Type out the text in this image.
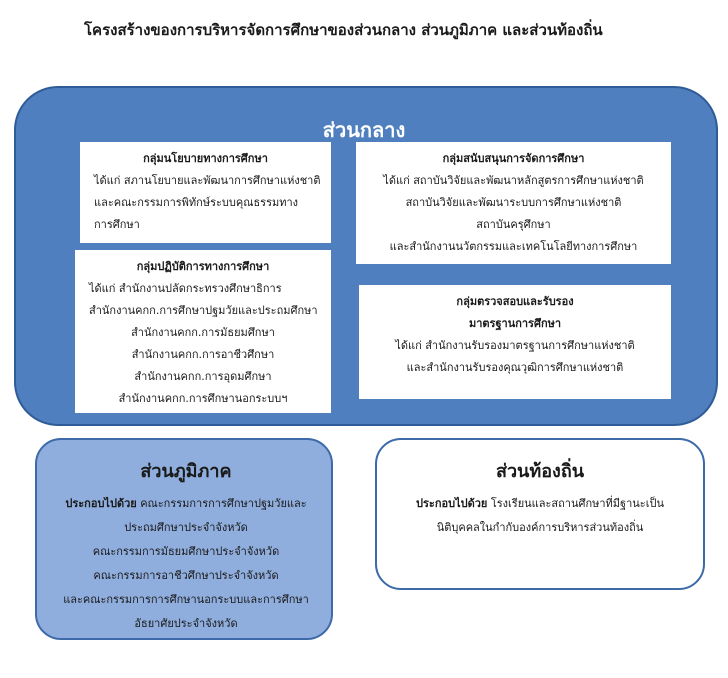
โครงสร้างของการบริหารจัดการศึกษาของส่วนกลาง ส่วนภูมิภาค และส่วนท้องถิ่น
ส่วนกลาง
กลุ่มนโยบายทางการศึกษา
ได้แก่ สภานโยบายและพัฒนาการศึกษาแห่งชาติ
และคณะกรรมการพิทักษ์ระบบคุณธรรมทาง
การศึกษา
กลุ่มสนับสนุนการจัดการศึกษา
ได้แก่ สถาบันวิจัยและพัฒนาหลักสูตรการศึกษาแห่งชาติ
สถาบันวิจัยและพัฒนาระบบการศึกษาแห่งชาติ
สถาบันครุศึกษา
และสำนักงานนวัตกรรมและเทคโนโลยีทางการศึกษา
กลุ่มปฏิบัติการทางการศึกษา
ได้แก่ สำนักงานปลัดกระทรวงศึกษาธิการ
สำนักงานคกก.การศึกษาปฐมวัยและประถมศึกษา
สำนักงานคกก.การมัธยมศึกษา
สำนักงานคกก.การอาชีวศึกษา
สำนักงานคกก.การอุดมศึกษา
สำนักงานคกก.การศึกษานอกระบบฯ
กลุ่มตรวจสอบและรับรอง
มาตรฐานการศึกษา
ได้แก่ สำนักงานรับรองมาตรฐานการศึกษาแห่งชาติ
และสำนักงานรับรองคุณวุฒิการศึกษาแห่งชาติ
ส่วนภูมิภาค
ประกอบไปด้วย คณะกรรมการการศึกษาปฐมวัยและ
ประถมศึกษาประจำจังหวัด
คณะกรรมการมัธยมศึกษาประจำจังหวัด
คณะกรรมการอาชีวศึกษาประจำจังหวัด
และคณะกรรมการการศึกษานอกระบบและการศึกษา
อัธยาศัยประจำจังหวัด
ส่วนท้องถิ่น
ประกอบไปด้วย โรงเรียนและสถานศึกษาที่มีฐานะเป็น
นิติบุคคลในกำกับองค์การบริหารส่วนท้องถิ่น
